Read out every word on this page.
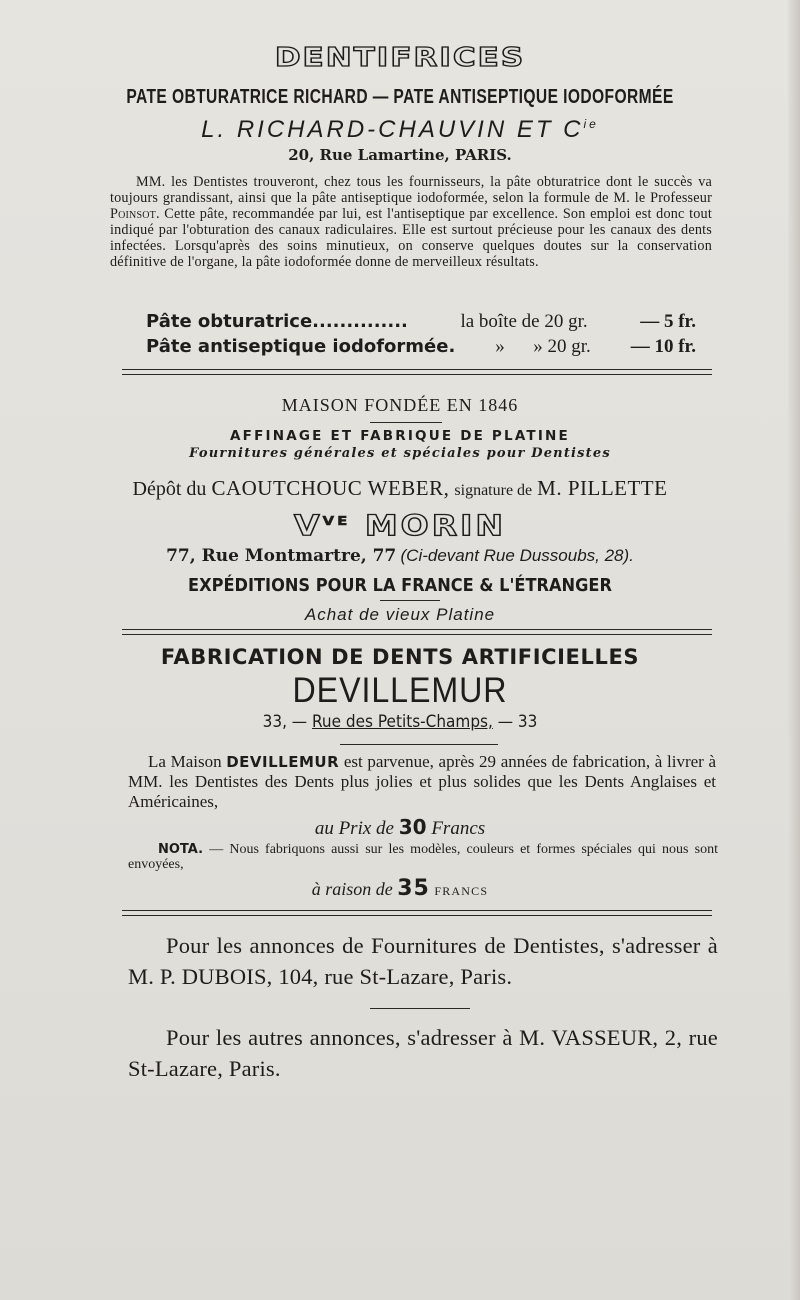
DENTIFRICES
PATE OBTURATRICE RICHARD — PATE ANTISEPTIQUE IODOFORMÉE
L. RICHARD-CHAUVIN ET $C^{ie}$
20, Rue Lamartine, PARIS.
MM. les Dentistes trouveront, chez tous les fournisseurs, la pâte obturatrice dont le succès va toujours grandissant, ainsi que la pâte antiseptique iodoformée, selon la formule de M. le Professeur Poinsot. Cette pâte, recommandée par lui, est l'antiseptique par excellence. Son emploi est donc tout indiqué par l'obturation des canaux radiculaires. Elle est surtout précieuse pour les canaux des dents infectées. Lorsqu'après des soins minutieux, on conserve quelques doutes sur la conservation définitive de l'organe, la pâte iodoformée donne de merveilleux résultats.
Pâte obturatrice..............	la boîte de 20 gr.	— 5 fr.
Pâte antiseptique iodoformée. »      » 20 gr. — 10 fr.
MAISON FONDÉE EN 1846
AFFINAGE ET FABRIQUE DE PLATINE
Fournitures générales et spéciales pour Dentistes
Dépôt du CAOUTCHOUC WEBER, signature de M. PILLETTE
$V^{VE}$ MORIN
77, Rue Montmartre, 77 (Ci-devant Rue Dussoubs, 28).
EXPÉDITIONS POUR LA FRANCE & L'ÉTRANGER
Achat de vieux Platine
FABRICATION DE DENTS ARTIFICIELLES
DEVILLEMUR
33, — Rue des Petits-Champs, — 33
La Maison DEVILLEMUR est parvenue, après 29 années de fabrication, à livrer à MM. les Dentistes des Dents plus jolies et plus solides que les Dents Anglaises et Américaines,
au Prix de 30 Francs
NOTA. — Nous fabriquons aussi sur les modèles, couleurs et formes spéciales qui nous sont envoyées,
à raison de 35 FRANCS
Pour les annonces de Fournitures de Dentistes, s'adresser à M. P. DUBOIS, 104, rue St-Lazare, Paris.
Pour les autres annonces, s'adresser à M. VASSEUR, 2, rue St-Lazare, Paris.
